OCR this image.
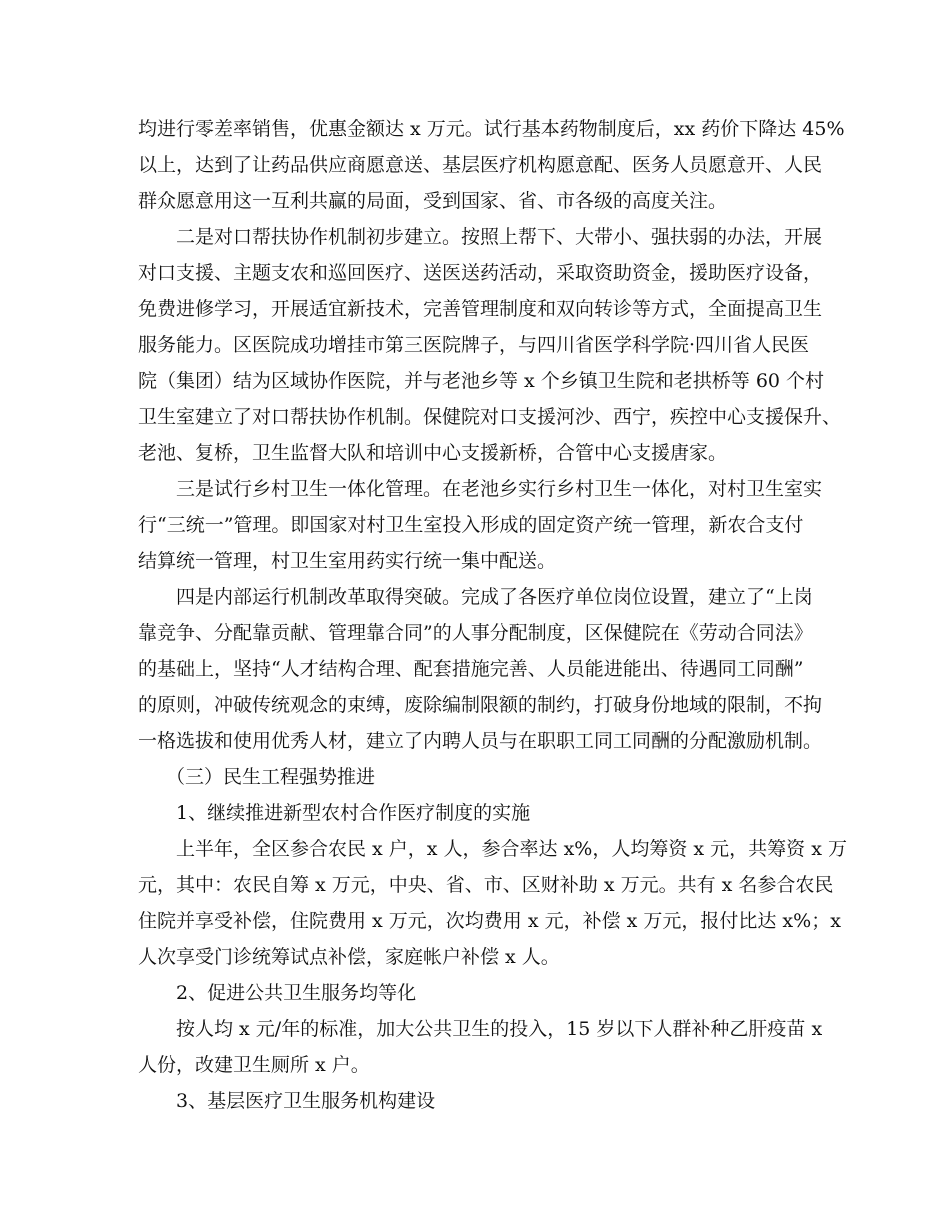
均进行零差率销售，优惠金额达 x 万元。试行基本药物制度后，xx 药价下降达 45%

以上，达到了让药品供应商愿意送、基层医疗机构愿意配、医务人员愿意开、人民

群众愿意用这一互利共赢的局面，受到国家、省、市各级的高度关注。

二是对口帮扶协作机制初步建立。按照上帮下、大带小、强扶弱的办法，开展

对口支援、主题支农和巡回医疗、送医送药活动，采取资助资金，援助医疗设备，

免费进修学习，开展适宜新技术，完善管理制度和双向转诊等方式，全面提高卫生

服务能力。区医院成功增挂市第三医院牌子，与四川省医学科学院·四川省人民医

院（集团）结为区域协作医院，并与老池乡等 x 个乡镇卫生院和老拱桥等 60 个村

卫生室建立了对口帮扶协作机制。保健院对口支援河沙、西宁，疾控中心支援保升、

老池、复桥，卫生监督大队和培训中心支援新桥，合管中心支援唐家。

三是试行乡村卫生一体化管理。在老池乡实行乡村卫生一体化，对村卫生室实

行“三统一”管理。即国家对村卫生室投入形成的固定资产统一管理，新农合支付

结算统一管理，村卫生室用药实行统一集中配送。

四是内部运行机制改革取得突破。完成了各医疗单位岗位设置，建立了“上岗

靠竞争、分配靠贡献、管理靠合同”的人事分配制度，区保健院在《劳动合同法》

的基础上，坚持“人才结构合理、配套措施完善、人员能进能出、待遇同工同酬”

的原则，冲破传统观念的束缚，废除编制限额的制约，打破身份地域的限制，不拘

一格选拔和使用优秀人材，建立了内聘人员与在职职工同工同酬的分配激励机制。

（三）民生工程强势推进

1、继续推进新型农村合作医疗制度的实施

上半年，全区参合农民 x 户，x 人，参合率达 x%，人均筹资 x 元，共筹资 x 万

元，其中：农民自筹 x 万元，中央、省、市、区财补助 x 万元。共有 x 名参合农民

住院并享受补偿，住院费用 x 万元，次均费用 x 元，补偿 x 万元，报付比达 x%；x

人次享受门诊统筹试点补偿，家庭帐户补偿 x 人。

2、促进公共卫生服务均等化

按人均 x 元/年的标准，加大公共卫生的投入，15 岁以下人群补种乙肝疫苗 x

人份，改建卫生厕所 x 户。

3、基层医疗卫生服务机构建设
